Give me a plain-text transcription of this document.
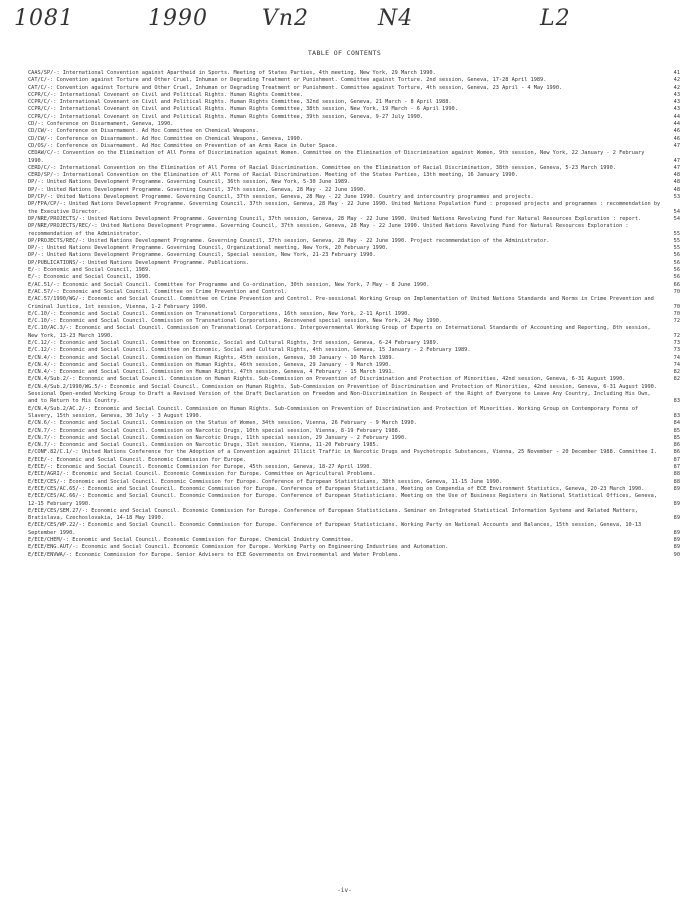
1081	1990 Vn2	N4	L2
TABLE OF CONTENTS
CAAS/SP/-: International Convention against Apartheid in Sports. Meeting of States Parties, 4th meeting, New York, 29 March 1990.	41
CAT/C/-: Convention against Torture and Other Cruel, Inhuman or Degrading Treatment or Punishment. Committee against Torture. 2nd session, Geneva, 17-28 April 1989.	42
CAT/C/-: Convention against Torture and Other Cruel, Inhuman or Degrading Treatment or Punishment. Committee against Torture, 4th session, Geneva, 23 April - 4 May 1990.	42
CCPR/C/-: International Covenant on Civil and Political Rights. Human Rights Committee.	43
CCPR/C/-: International Covenant on Civil and Political Rights. Human Rights Committee, 32nd session, Geneva, 21 March - 8 April 1988.	43
CCPR/C/-: International Covenant on Civil and Political Rights. Human Rights Committee, 38th session, New York, 19 March - 6 April 1990.	43
CCPR/C/-: International Covenant on Civil and Political Rights. Human Rights Committee, 39th session, Geneva, 9-27 July 1990.	44
CD/-: Conference on Disarmament, Geneva, 1990.	44
CD/CW/-: Conference on Disarmament. Ad Hoc Committee on Chemical Weapons.	46
CD/CW/-: Conference on Disarmament. Ad Hoc Committee on Chemical Weapons, Geneva, 1990.	46
CD/OS/-: Conference on Disarmament. Ad Hoc Committee on Prevention of an Arms Race in Outer Space.	47
CEDAW/C/-: Convention on the Elimination of All Forms of Discrimination against Women. Committee on the Elimination of Discrimination against Women, 9th session, New York, 22 January - 2 February 1990.	47
CERD/C/-: International Convention on the Elimination of All Forms of Racial Discrimination. Committee on the Elimination of Racial Discrimination, 38th session, Geneva, 5-23 March 1990.	47
CERD/SP/-: International Convention on the Elimination of All Forms of Racial Discrimination. Meeting of the States Parties, 13th meeting, 16 January 1990.	48
DP/-: United Nations Development Programme. Governing Council, 36th session, New York, 5-30 June 1989.	48
DP/-: United Nations Development Programme. Governing Council, 37th session, Geneva, 28 May - 22 June 1990.	48
DP/CP/-: United Nations Development Programme. Governing Council, 37th session, Geneva, 28 May - 22 June 1990. Country and intercountry programmes and projects.	53
DP/FPA/CP/-: United Nations Development Programme. Governing Council, 37th session, Geneva, 28 May - 22 June 1990. United Nations Population Fund : proposed projects and programmes : recommendation by the Executive Director.	54
DP/NRE/PROJECTS/-: United Nations Development Programme. Governing Council, 37th session, Geneva, 28 May - 22 June 1990. United Nations Revolving Fund for Natural Resources Exploration : report.	54
DP/NRE/PROJECTS/REC/-: United Nations Development Programme. Governing Council, 37th session, Geneva, 28 May - 22 June 1990. United Nations Revolving Fund for Natural Resources Exploration : recommendation of the Administrator.	55
DP/PROJECTS/REC/-: United Nations Development Programme. Governing Council, 37th session, Geneva, 28 May - 22 June 1990. Project recommendation of the Administrator.	55
DP/-: United Nations Development Programme. Governing Council, Organizational meeting, New York, 20 February 1990.	55
DP/-: United Nations Development Programme. Governing Council, Special session, New York, 21-23 February 1990.	56
DP/PUBLICATIONS/-: United Nations Development Programme. Publications.	56
E/-: Economic and Social Council, 1989.	56
E/-: Economic and Social Council, 1990.	56
E/AC.51/-: Economic and Social Council. Committee for Programme and Co-ordination, 30th session, New York, 7 May - 8 June 1990.	66
E/AC.57/-: Economic and Social Council. Committee on Crime Prevention and Control.	70
E/AC.57/1990/WG/-: Economic and Social Council. Committee on Crime Prevention and Control. Pre-sessional Working Group on Implementation of United Nations Standards and Norms in Crime Prevention and Criminal Justice, 1st session, Vienna, 1-2 February 1990.	70
E/C.10/-: Economic and Social Council. Commission on Transnational Corporations, 16th session, New York, 2-11 April 1990.	70
E/C.10/-: Economic and Social Council. Commission on Transnational Corporations, Reconvened special session, New York, 24 May 1990.	72
E/C.10/AC.3/-: Economic and Social Council. Commission on Transnational Corporations. Intergovernmental Working Group of Experts on International Standards of Accounting and Reporting, 8th session, New York, 13-23 March 1990.	72
E/C.12/-: Economic and Social Council. Committee on Economic, Social and Cultural Rights, 3rd session, Geneva, 6-24 February 1989.	73
E/C.12/-: Economic and Social Council. Committee on Economic, Social and Cultural Rights, 4th session, Geneva, 15 January - 2 February 1989.	73
E/CN.4/-: Economic and Social Council. Commission on Human Rights, 45th session, Geneva, 30 January - 10 March 1989.	74
E/CN.4/-: Economic and Social Council. Commission on Human Rights, 46th session, Geneva, 29 January - 9 March 1990.	74
E/CN.4/-: Economic and Social Council. Commission on Human Rights, 47th session, Geneva, 4 February - 15 March 1991.	82
E/CN.4/Sub.2/-: Economic and Social Council. Commission on Human Rights. Sub-Commission on Prevention of Discrimination and Protection of Minorities, 42nd session, Geneva, 6-31 August 1990.	82
E/CN.4/Sub.2/1990/WG.5/-: Economic and Social Council. Commission on Human Rights. Sub-Commission on Prevention of Discrimination and Protection of Minorities, 42nd session, Geneva, 6-31 August 1990. Sessional Open-ended Working Group to Draft a Revised Version of the Draft Declaration on Freedom and Non-Discrimination in Respect of the Right of Everyone to Leave Any Country, Including His Own, and to Return to His Country.	83
E/CN.4/Sub.2/AC.2/-: Economic and Social Council. Commission on Human Rights. Sub-Commission on Prevention of Discrimination and Protection of Minorities. Working Group on Contemporary Forms of Slavery, 15th session, Geneva, 30 July - 3 August 1990.	83
E/CN.6/-: Economic and Social Council. Commission on the Status of Women, 34th session, Vienna, 26 February - 9 March 1990.	84
E/CN.7/-: Economic and Social Council. Commission on Narcotic Drugs, 10th special session, Vienna, 8-19 February 1988.	85
E/CN.7/-: Economic and Social Council. Commission on Narcotic Drugs, 11th special session, 29 January - 2 February 1990.	85
E/CN.7/-: Economic and Social Council. Commission on Narcotic Drugs, 31st session, Vienna, 11-20 February 1985.	86
E/CONF.82/C.1/-: United Nations Conference for the Adoption of a Convention against Illicit Traffic in Narcotic Drugs and Psychotropic Substances, Vienna, 25 November - 20 December 1988. Committee I.	86
E/ECE/-: Economic and Social Council. Economic Commission for Europe.	87
E/ECE/-: Economic and Social Council. Economic Commission for Europe, 45th session, Geneva, 18-27 April 1990.	87
E/ECE/AGRI/-: Economic and Social Council. Economic Commission for Europe. Committee on Agricultural Problems.	88
E/ECE/CES/-: Economic and Social Council. Economic Commission for Europe. Conference of European Statisticians, 38th session, Geneva, 11-15 June 1990.	88
E/ECE/CES/AC.65/-: Economic and Social Council. Economic Commission for Europe. Conference of European Statisticians. Meeting on Compendia of ECE Environment Statistics, Geneva, 20-23 March 1990.	89
E/ECE/CES/AC.66/-: Economic and Social Council. Economic Commission for Europe. Conference of European Statisticians. Meeting on the Use of Business Registers in National Statistical Offices, Geneva, 12-15 February 1990.	89
E/ECE/CES/SEM.27/-: Economic and Social Council. Economic Commission for Europe. Conference of European Statisticians. Seminar on Integrated Statistical Information Systems and Related Matters, Bratislava, Czechoslovakia, 14-18 May 1990.	89
E/ECE/CES/WP.22/-: Economic and Social Council. Economic Commission for Europe. Conference of European Statisticians. Working Party on National Accounts and Balances, 15th session, Geneva, 10-13 September 1990.	89
E/ECE/CHEM/-: Economic and Social Council. Economic Commission for Europe. Chemical Industry Committee.	89
E/ECE/ENG.AUT/-: Economic and Social Council. Economic Commission for Europe. Working Party on Engineering Industries and Automation.	89
E/ECE/ENVWA/-: Economic Commission for Europe. Senior Advisers to ECE Governments on Environmental and Water Problems.	90
-iv-
